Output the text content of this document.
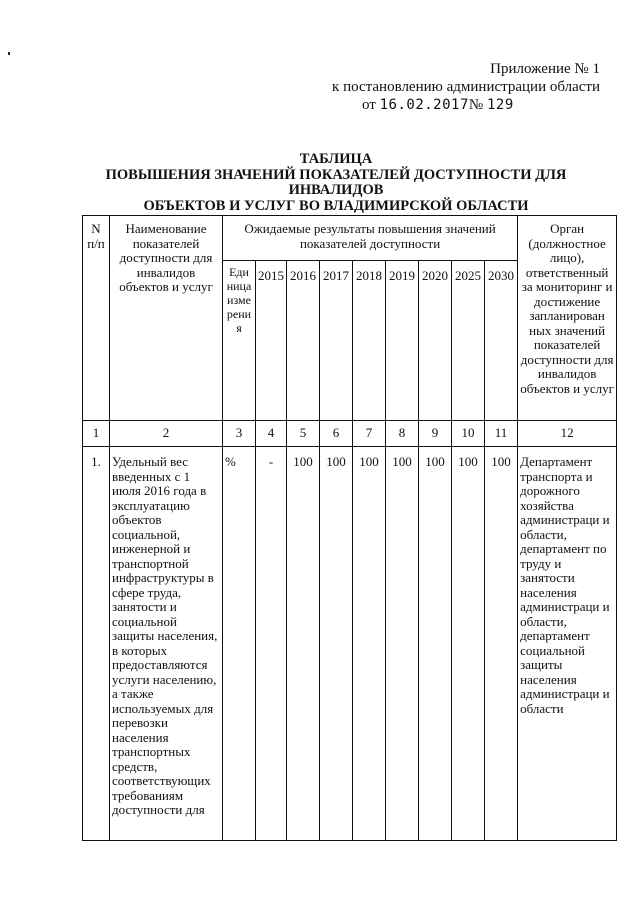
Приложение № 1
к постановлению администрации области
от 16.02.2017№ 129
ТАБЛИЦА
ПОВЫШЕНИЯ ЗНАЧЕНИЙ ПОКАЗАТЕЛЕЙ ДОСТУПНОСТИ ДЛЯ ИНВАЛИДОВ
ОБЪЕКТОВ И УСЛУГ ВО ВЛАДИМИРСКОЙ ОБЛАСТИ
N п/п	Наименование показателей доступности для инвалидов объектов и услуг	Ожидаемые результаты повышения значений показателей доступности									Орган (должностное лицо), ответственный за мониторинг и достижение запланирован ных значений показателей доступности для инвалидов объектов и услуг
		Еди ница изме рени я	2015	2016	2017	2018	2019	2020	2025	2030	
1	2	3	4	5	6	7	8	9	10	11	12
1.	Удельный вес введенных с 1 июля 2016 года в эксплуатацию объектов социальной, инженерной и транспортной инфраструктуры в сфере труда, занятости и социальной защиты населения, в которых предоставляются услуги населению, а также используемых для перевозки населения транспортных средств, соответствующих требованиям доступности для	%	-	100	100	100	100	100	100	100	Департамент транспорта и дорожного хозяйства администраци и области, департамент по труду и занятости населения администраци и области, департамент социальной защиты населения администраци и области
